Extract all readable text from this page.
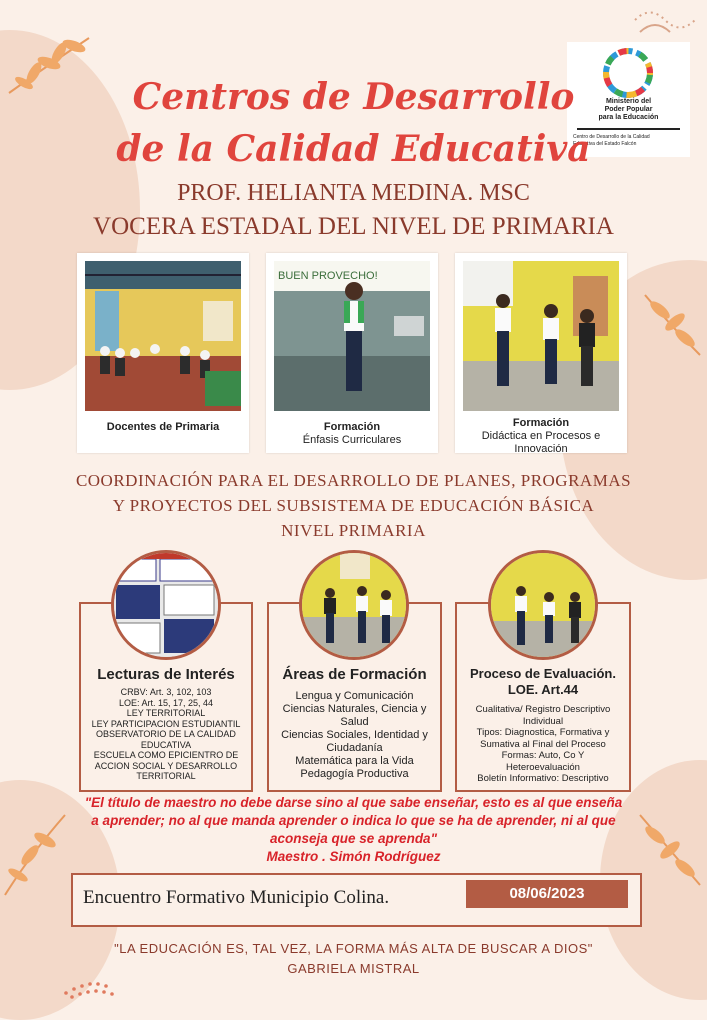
Ministerio del
Poder Popular
para la Educación
Centro de Desarrollo de la Calidad
Educativa del Estado Falcón
Centros de Desarrollo
de la Calidad Educativa
PROF. HELIANTA MEDINA. MSC
VOCERA ESTADAL DEL NIVEL DE PRIMARIA
Docentes de Primaria
BUEN PROVECHO!
Formación
Énfasis Curriculares
Formación
Didáctica en Procesos e Innovación
COORDINACIÓN PARA EL DESARROLLO DE PLANES, PROGRAMAS
Y PROYECTOS DEL SUBSISTEMA DE EDUCACIÓN BÁSICA
NIVEL PRIMARIA
Lecturas de Interés
CRBV: Art. 3, 102, 103
LOE: Art. 15, 17, 25, 44
LEY TERRITORIAL
LEY PARTICIPACION ESTUDIANTIL
OBSERVATORIO DE LA CALIDAD
EDUCATIVA
ESCUELA COMO EPICIENTRO DE
ACCION SOCIAL Y DESARROLLO
TERRITORIAL
Áreas de Formación
Lengua y Comunicación
Ciencias Naturales, Ciencia y
Salud
Ciencias Sociales, Identidad y
Ciudadanía
Matemática para la Vida
Pedagogía Productiva
Proceso de Evaluación.
LOE. Art.44
Cualitativa/ Registro Descriptivo
Individual
Tipos: Diagnostica, Formativa y
Sumativa al Final del Proceso
Formas: Auto, Co Y
Heteroevaluación
Boletín Informativo: Descriptivo
"El título de maestro no debe darse sino al que sabe enseñar, esto es al que enseña
a aprender; no al que manda aprender o indica lo que se ha de aprender, ni al que
aconseja que se aprenda"
Maestro . Simón Rodríguez
Encuentro Formativo Municipio Colina.	08/06/2023
"LA EDUCACIÓN ES, TAL VEZ, LA FORMA MÁS ALTA DE BUSCAR A DIOS"
GABRIELA MISTRAL
